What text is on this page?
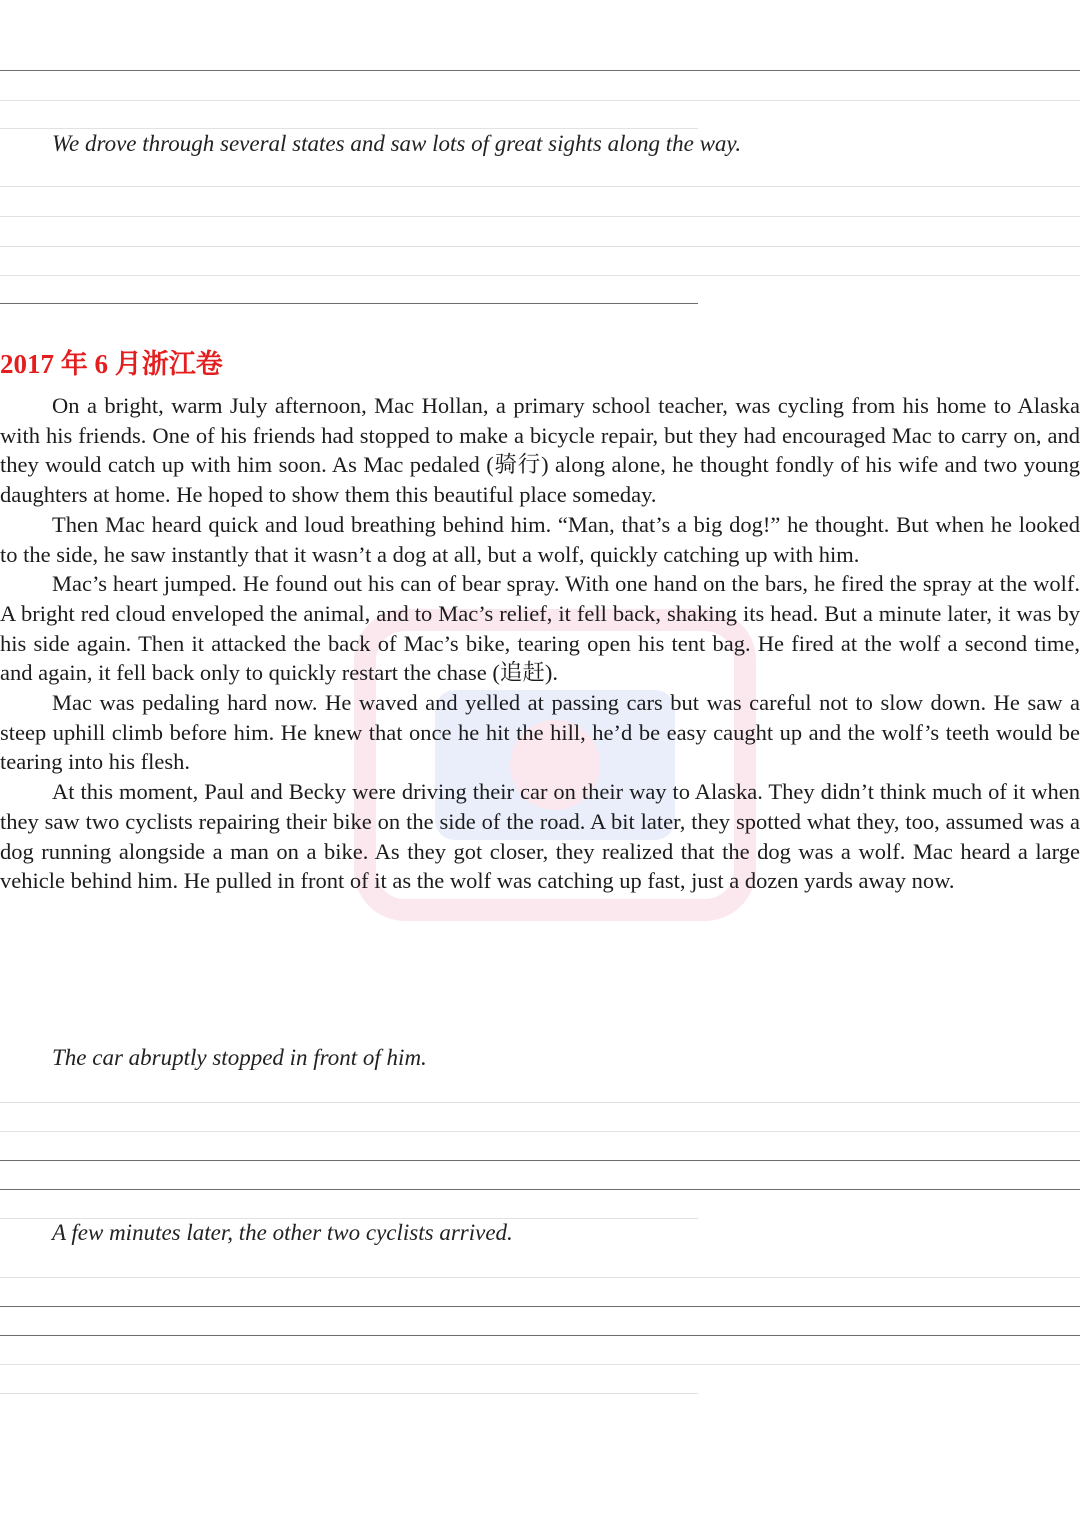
We drove through several states and saw lots of great sights along the way.

2017 年 6 月浙江卷

On a bright, warm July afternoon, Mac Hollan, a primary school teacher, was cycling from his home to Alaska with his friends. One of his friends had stopped to make a bicycle repair, but they had encouraged Mac to carry on, and they would catch up with him soon. As Mac pedaled (骑行) along alone, he thought fondly of his wife and two young daughters at home. He hoped to show them this beautiful place someday.

Then Mac heard quick and loud breathing behind him. “Man, that’s a big dog!” he thought. But when he looked to the side, he saw instantly that it wasn’t a dog at all, but a wolf, quickly catching up with him.

Mac’s heart jumped. He found out his can of bear spray. With one hand on the bars, he fired the spray at the wolf. A bright red cloud enveloped the animal, and to Mac’s relief, it fell back, shaking its head. But a minute later, it was by his side again. Then it attacked the back of Mac’s bike, tearing open his tent bag. He fired at the wolf a second time, and again, it fell back only to quickly restart the chase (追赶).

Mac was pedaling hard now. He waved and yelled at passing cars but was careful not to slow down. He saw a steep uphill climb before him. He knew that once he hit the hill, he’d be easy caught up and the wolf’s teeth would be tearing into his flesh.

At this moment, Paul and Becky were driving their car on their way to Alaska. They didn’t think much of it when they saw two cyclists repairing their bike on the side of the road. A bit later, they spotted what they, too, assumed was a dog running alongside a man on a bike. As they got closer, they realized that the dog was a wolf. Mac heard a large vehicle behind him. He pulled in front of it as the wolf was catching up fast, just a dozen yards away now.

The car abruptly stopped in front of him.

A few minutes later, the other two cyclists arrived.
